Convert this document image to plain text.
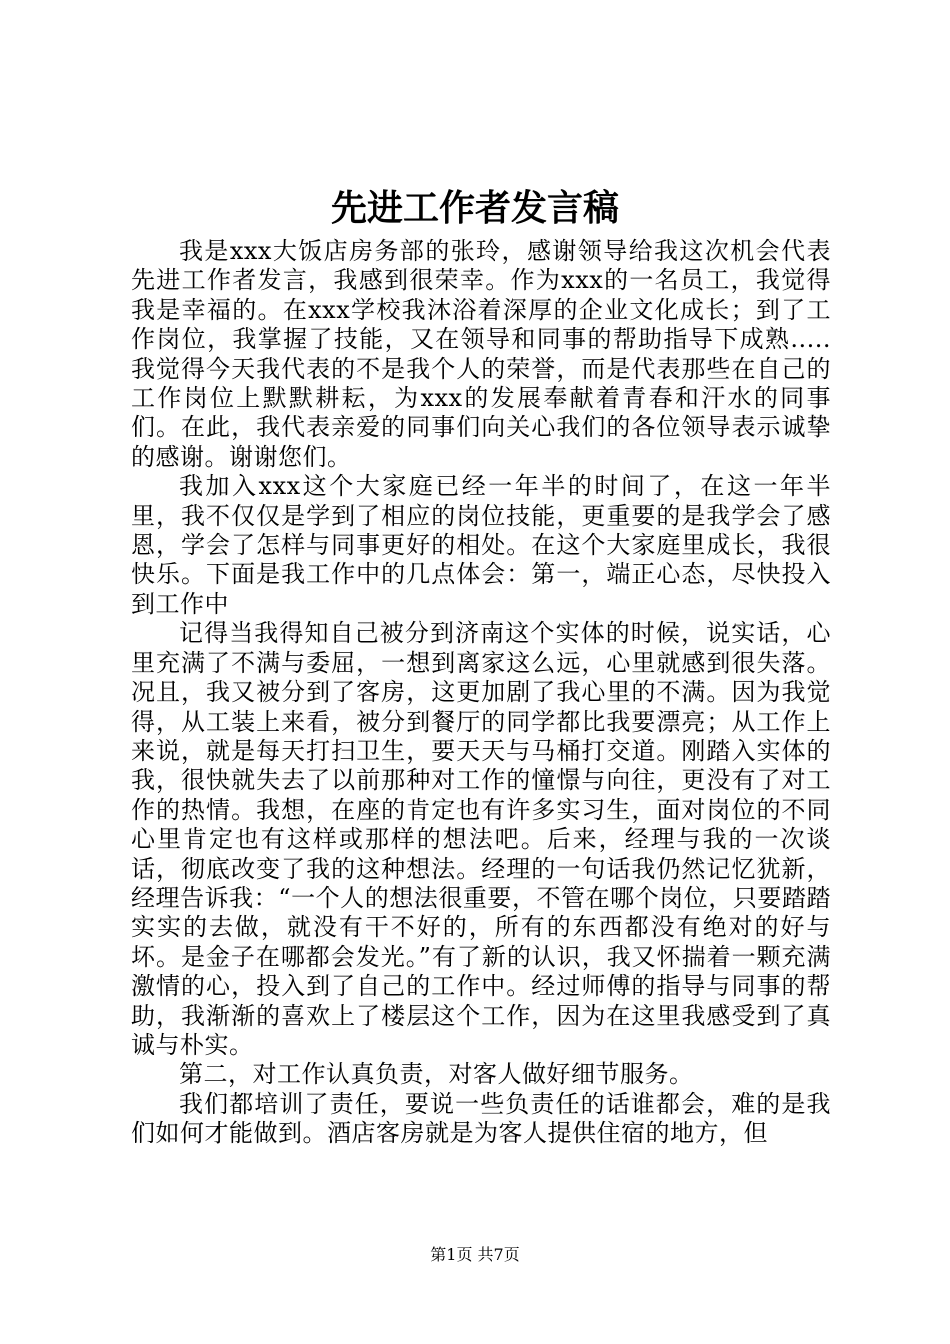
先进工作者发言稿

我是xxx大饭店房务部的张玲，感谢领导给我这次机会代表先进工作者发言，我感到很荣幸。作为xxx的一名员工，我觉得我是幸福的。在xxx学校我沐浴着深厚的企业文化成长；到了工作岗位，我掌握了技能，又在领导和同事的帮助指导下成熟.....我觉得今天我代表的不是我个人的荣誉，而是代表那些在自己的工作岗位上默默耕耘，为xxx的发展奉献着青春和汗水的同事们。在此，我代表亲爱的同事们向关心我们的各位领导表示诚挚的感谢。谢谢您们。

我加入xxx这个大家庭已经一年半的时间了，在这一年半里，我不仅仅是学到了相应的岗位技能，更重要的是我学会了感恩，学会了怎样与同事更好的相处。在这个大家庭里成长，我很快乐。下面是我工作中的几点体会：第一，端正心态，尽快投入到工作中

记得当我得知自己被分到济南这个实体的时候，说实话，心里充满了不满与委屈，一想到离家这么远，心里就感到很失落。况且，我又被分到了客房，这更加剧了我心里的不满。因为我觉得，从工装上来看，被分到餐厅的同学都比我要漂亮；从工作上来说，就是每天打扫卫生，要天天与马桶打交道。刚踏入实体的我，很快就失去了以前那种对工作的憧憬与向往，更没有了对工作的热情。我想，在座的肯定也有许多实习生，面对岗位的不同心里肯定也有这样或那样的想法吧。后来，经理与我的一次谈话，彻底改变了我的这种想法。经理的一句话我仍然记忆犹新，经理告诉我：“一个人的想法很重要，不管在哪个岗位，只要踏踏实实的去做，就没有干不好的，所有的东西都没有绝对的好与坏。是金子在哪都会发光。”有了新的认识，我又怀揣着一颗充满激情的心，投入到了自己的工作中。经过师傅的指导与同事的帮助，我渐渐的喜欢上了楼层这个工作，因为在这里我感受到了真诚与朴实。

第二，对工作认真负责，对客人做好细节服务。

我们都培训了责任，要说一些负责任的话谁都会，难的是我们如何才能做到。酒店客房就是为客人提供住宿的地方，但

第1页 共7页
